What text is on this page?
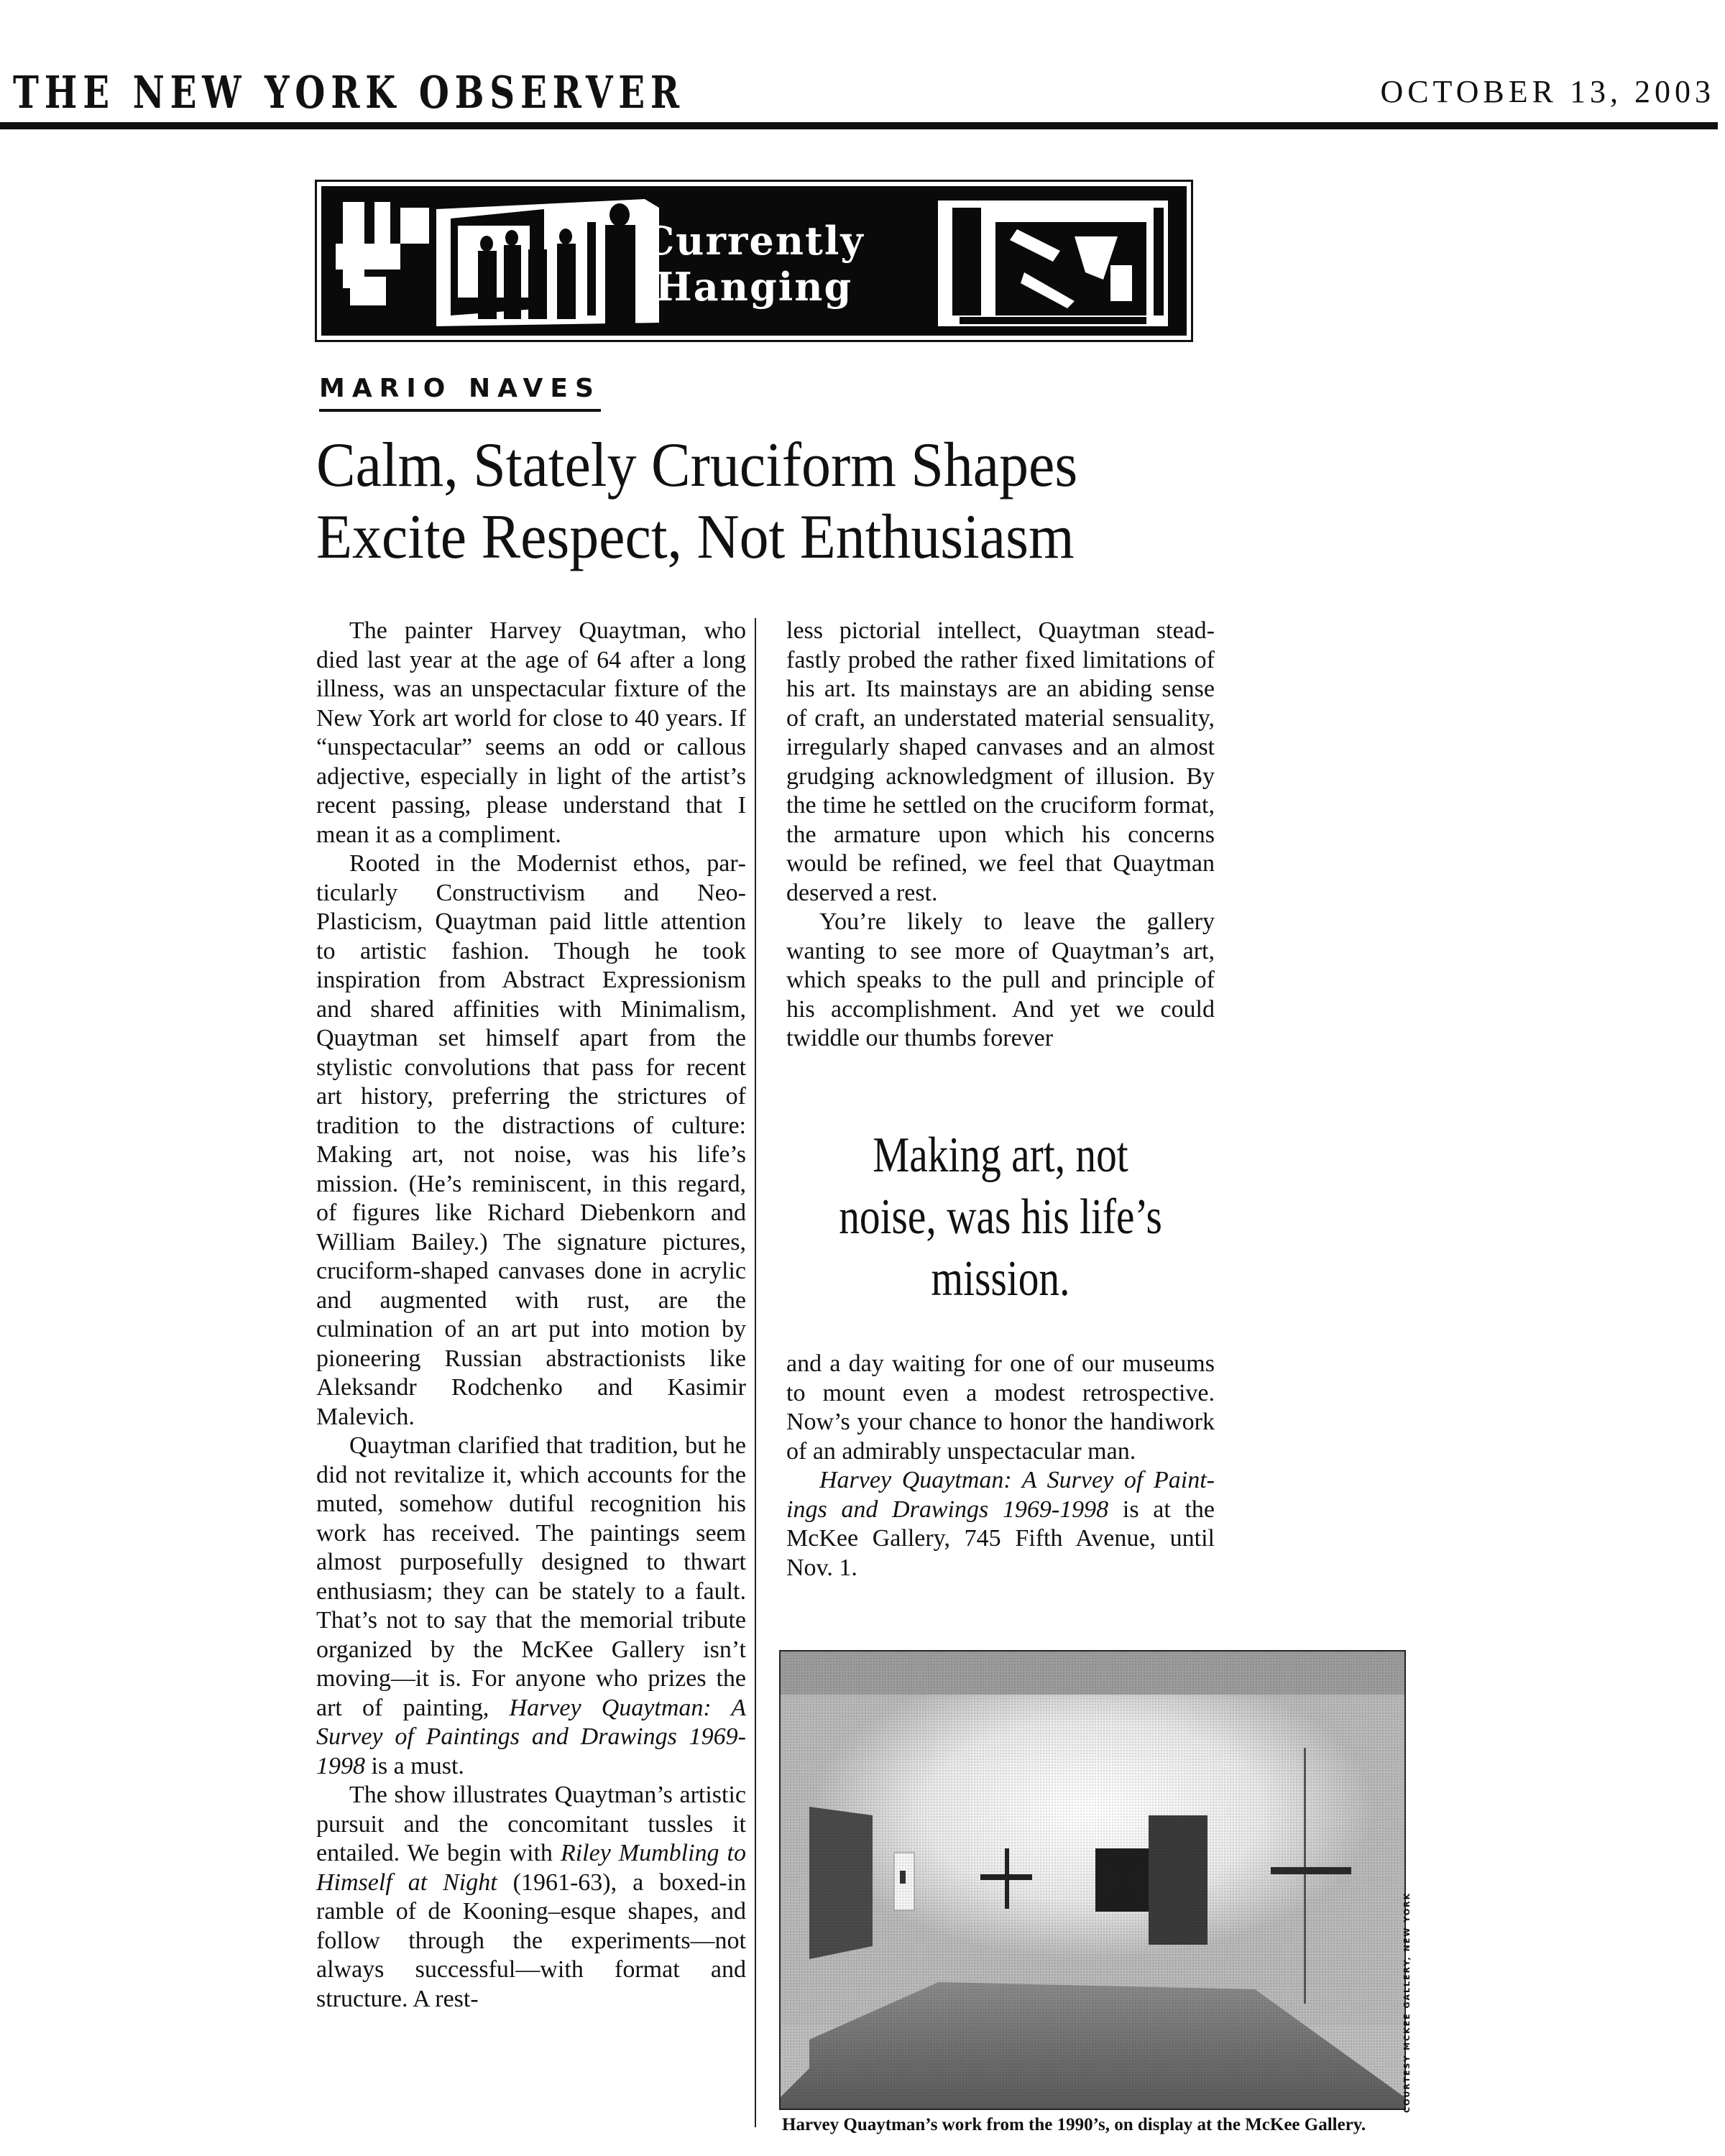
THE NEW YORK OBSERVER	OCTOBER 13, 2003
Currently
Hanging
MARIO NAVES
Calm, Stately Cruciform Shapes
Excite Respect, Not Enthusiasm

The painter Harvey Quaytman, who died last year at the age of 64 after a long illness, was an unspectacular fixture of the New York art world for close to 40 years. If “unspectacular” seems an odd or callous adjective, especially in light of the artist’s recent passing, please understand that I mean it as a compliment.

Rooted in the Modernist ethos, particularly Constructivism and Neo-Plasticism, Quaytman paid little attention to artistic fashion. Though he took inspiration from Abstract Expressionism and shared affinities with Minimalism, Quaytman set himself apart from the stylistic convolutions that pass for recent art history, preferring the strictures of tradition to the distractions of culture: Making art, not noise, was his life’s mission. (He’s reminiscent, in this regard, of figures like Richard Diebenkorn and William Bailey.) The signature pictures, cruciform-shaped canvases done in acrylic and augmented with rust, are the culmination of an art put into motion by pioneering Russian abstractionists like Aleksandr Rodchenko and Kasimir Malevich.

Quaytman clarified that tradition, but he did not revitalize it, which accounts for the muted, somehow dutiful recognition his work has received. The paintings seem almost purposefully designed to thwart enthusiasm; they can be stately to a fault. That’s not to say that the memorial tribute organized by the McKee Gallery isn’t moving—it is. For anyone who prizes the art of painting, Harvey Quaytman: A Survey of Paintings and Drawings 1969-1998 is a must.

The show illustrates Quaytman’s artistic pursuit and the concomitant tussles it entailed. We begin with Riley Mumbling to Himself at Night (1961-63), a boxed-in ramble of de Kooning–esque shapes, and follow through the experiments—not always successful—with format and structure. A rest-

less pictorial intellect, Quaytman steadfastly probed the rather fixed limitations of his art. Its mainstays are an abiding sense of craft, an understated material sensuality, irregularly shaped canvases and an almost grudging acknowledgment of illusion. By the time he settled on the cruciform format, the armature upon which his concerns would be refined, we feel that Quaytman deserved a rest.

You’re likely to leave the gallery wanting to see more of Quaytman’s art, which speaks to the pull and principle of his accomplishment. And yet we could twiddle our thumbs forever

Making art, not noise, was his life’s mission.

and a day waiting for one of our museums to mount even a modest retrospective. Now’s your chance to honor the handiwork of an admirably unspectacular man.

Harvey Quaytman: A Survey of Paintings and Drawings 1969-1998 is at the McKee Gallery, 745 Fifth Avenue, until Nov. 1.

COURTESY MCKEE GALLERY, NEW YORK
Harvey Quaytman’s work from the 1990’s, on display at the McKee Gallery.
